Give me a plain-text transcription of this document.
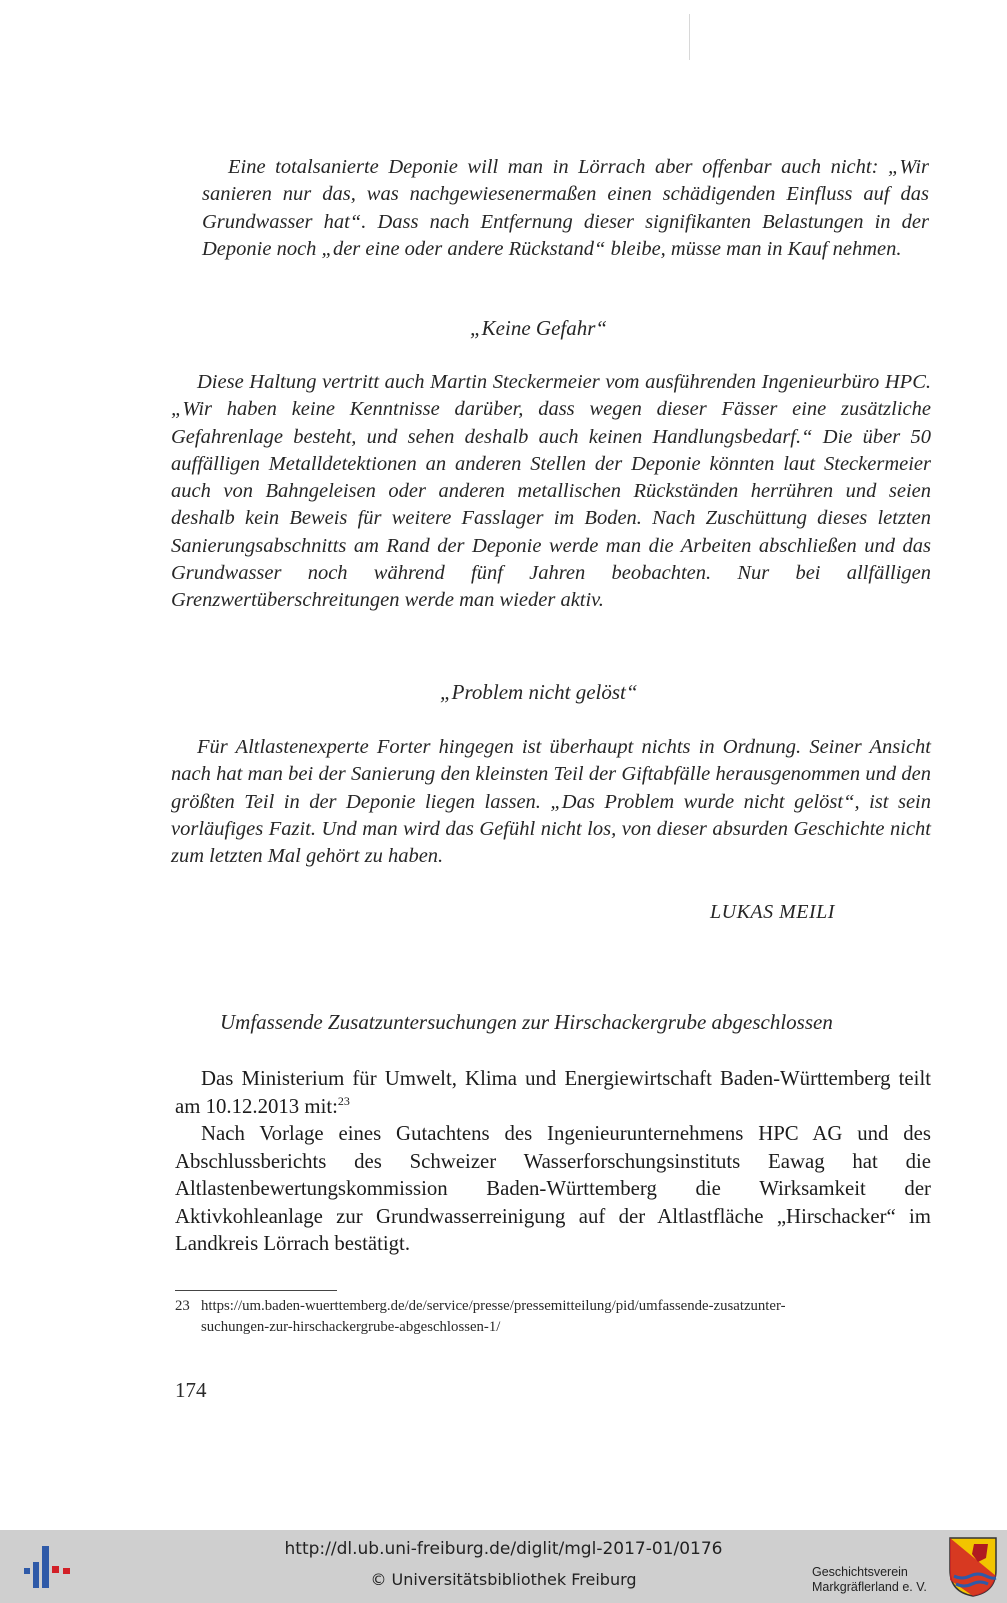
Eine totalsanierte Deponie will man in Lörrach aber offenbar auch nicht: „Wir sanieren nur das, was nachgewiesenermaßen einen schädigenden Einfluss auf das Grundwasser hat“. Dass nach Entfernung dieser signifikanten Belastungen in der Deponie noch „der eine oder andere Rückstand“ bleibe, müsse man in Kauf nehmen.

„Keine Gefahr“

Diese Haltung vertritt auch Martin Steckermeier vom ausführenden Ingenieurbüro HPC. „Wir haben keine Kenntnisse darüber, dass wegen dieser Fässer eine zusätzliche Gefahrenlage besteht, und sehen deshalb auch keinen Handlungsbedarf.“ Die über 50 auffälligen Metalldetektionen an anderen Stellen der Deponie könnten laut Steckermeier auch von Bahngeleisen oder anderen metallischen Rückständen herrühren und seien deshalb kein Beweis für weitere Fasslager im Boden. Nach Zuschüttung dieses letzten Sanierungsabschnitts am Rand der Deponie werde man die Arbeiten abschließen und das Grundwasser noch während fünf Jahren beobachten. Nur bei allfälligen Grenzwertüberschreitungen werde man wieder aktiv.

„Problem nicht gelöst“

Für Altlastenexperte Forter hingegen ist überhaupt nichts in Ordnung. Seiner Ansicht nach hat man bei der Sanierung den kleinsten Teil der Giftabfälle herausgenommen und den größten Teil in der Deponie liegen lassen. „Das Problem wurde nicht gelöst“, ist sein vorläufiges Fazit. Und man wird das Gefühl nicht los, von dieser absurden Geschichte nicht zum letzten Mal gehört zu haben.

LUKAS MEILI
Umfassende Zusatzuntersuchungen zur Hirschackergrube abgeschlossen

Das Ministerium für Umwelt, Klima und Energiewirtschaft Baden-Württemberg teilt am 10.12.2013 mit:$^{23}$

Nach Vorlage eines Gutachtens des Ingenieurunternehmens HPC AG und des Abschlussberichts des Schweizer Wasserforschungsinstituts Eawag hat die Altlastenbewertungskommission Baden-Württemberg die Wirksamkeit der Aktivkohleanlage zur Grundwasserreinigung auf der Altlastfläche „Hirschacker“ im Landkreis Lörrach bestätigt.

23 https://um.baden-wuerttemberg.de/de/service/presse/pressemitteilung/pid/umfassende-zusatzunter-
suchungen-zur-hirschackergrube-abgeschlossen-1/
174
http://dl.ub.uni-freiburg.de/diglit/mgl-2017-01/0176
© Universitätsbibliothek Freiburg	Geschichtsverein
Markgräflerland e. V.
